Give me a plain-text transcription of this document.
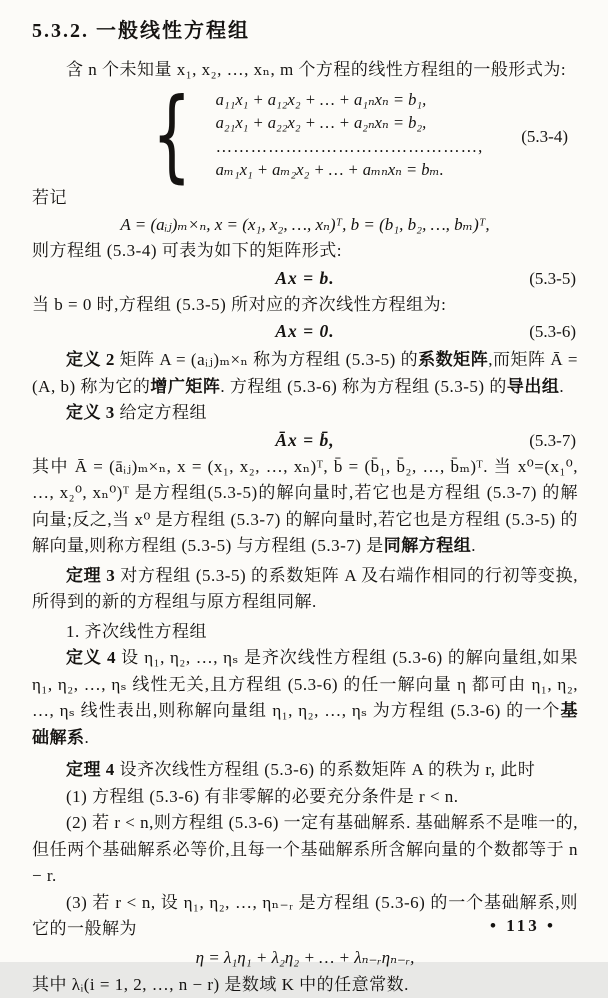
5.3.2. 一般线性方程组

含 n 个未知量 x₁, x₂, …, xₙ, m 个方程的线性方程组的一般形式为:

{ a₁₁x₁ + a₁₂x₂ + … + a₁ₙxₙ = b₁,
a₂₁x₁ + a₂₂x₂ + … + a₂ₙxₙ = b₂,
………………………………………,
aₘ₁x₁ + aₘ₂x₂ + … + aₘₙxₙ = bₘ.
(5.3-4)

若记

A = (aᵢⱼ)ₘ×ₙ, x = (x₁, x₂, …, xₙ)ᵀ, b = (b₁, b₂, …, bₘ)ᵀ,

则方程组 (5.3-4) 可表为如下的矩阵形式:

Ax = b.	(5.3-5)

当 b = 0 时,方程组 (5.3-5) 所对应的齐次线性方程组为:

Ax = 0.	(5.3-6)

定义 2 矩阵 A = (aᵢⱼ)ₘ×ₙ 称为方程组 (5.3-5) 的系数矩阵,而矩阵 Ā = (A, b) 称为它的增广矩阵. 方程组 (5.3-6) 称为方程组 (5.3-5) 的导出组.

定义 3 给定方程组

Āx = b̄,	(5.3-7)

其中 Ā = (āᵢⱼ)ₘ×ₙ, x = (x₁, x₂, …, xₙ)ᵀ, b̄ = (b̄₁, b̄₂, …, b̄ₘ)ᵀ. 当 x⁰=(x₁⁰, …, x₂⁰, xₙ⁰)ᵀ 是方程组(5.3-5)的解向量时,若它也是方程组 (5.3-7) 的解向量;反之,当 x⁰ 是方程组 (5.3-7) 的解向量时,若它也是方程组 (5.3-5) 的解向量,则称方程组 (5.3-5) 与方程组 (5.3-7) 是同解方程组.

定理 3 对方程组 (5.3-5) 的系数矩阵 A 及右端作相同的行初等变换,所得到的新的方程组与原方程组同解.

1. 齐次线性方程组

定义 4 设 η₁, η₂, …, ηₛ 是齐次线性方程组 (5.3-6) 的解向量组,如果 η₁, η₂, …, ηₛ 线性无关,且方程组 (5.3-6) 的任一解向量 η 都可由 η₁, η₂, …, ηₛ 线性表出,则称解向量组 η₁, η₂, …, ηₛ 为方程组 (5.3-6) 的一个基础解系.

定理 4 设齐次线性方程组 (5.3-6) 的系数矩阵 A 的秩为 r, 此时

(1) 方程组 (5.3-6) 有非零解的必要充分条件是 r < n.

(2) 若 r < n,则方程组 (5.3-6) 一定有基础解系. 基础解系不是唯一的,但任两个基础解系必等价,且每一个基础解系所含解向量的个数都等于 n − r.

(3) 若 r < n, 设 η₁, η₂, …, ηₙ₋ᵣ 是方程组 (5.3-6) 的一个基础解系,则它的一般解为

η = λ₁η₁ + λ₂η₂ + … + λₙ₋ᵣηₙ₋ᵣ,

其中 λᵢ(i = 1, 2, …, n − r) 是数域 K 中的任意常数.

• 113 •
